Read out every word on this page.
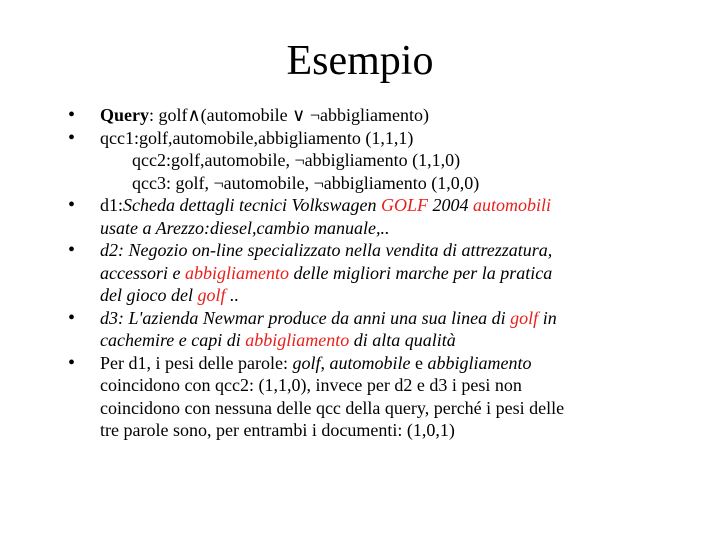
Esempio
• Query: golf∧(automobile ∨ ¬abbigliamento)
• qcc1:golf,automobile,abbigliamento (1,1,1)
qcc2:golf,automobile, ¬abbigliamento (1,1,0)
qcc3: golf, ¬automobile, ¬abbigliamento (1,0,0)
• d1:Scheda dettagli tecnici Volkswagen GOLF 2004 automobili
usate a Arezzo:diesel,cambio manuale,..
• d2: Negozio on-line specializzato nella vendita di attrezzatura,
accessori e abbigliamento delle migliori marche per la pratica
del gioco del golf ..
• d3: L'azienda Newmar produce da anni una sua linea di golf in
cachemire e capi di abbigliamento di alta qualità
• Per d1, i pesi delle parole: golf, automobile e abbigliamento
coincidono con qcc2: (1,1,0), invece per d2 e d3 i pesi non
coincidono con nessuna delle qcc della query, perché i pesi delle
tre parole sono, per entrambi i documenti: (1,0,1)
